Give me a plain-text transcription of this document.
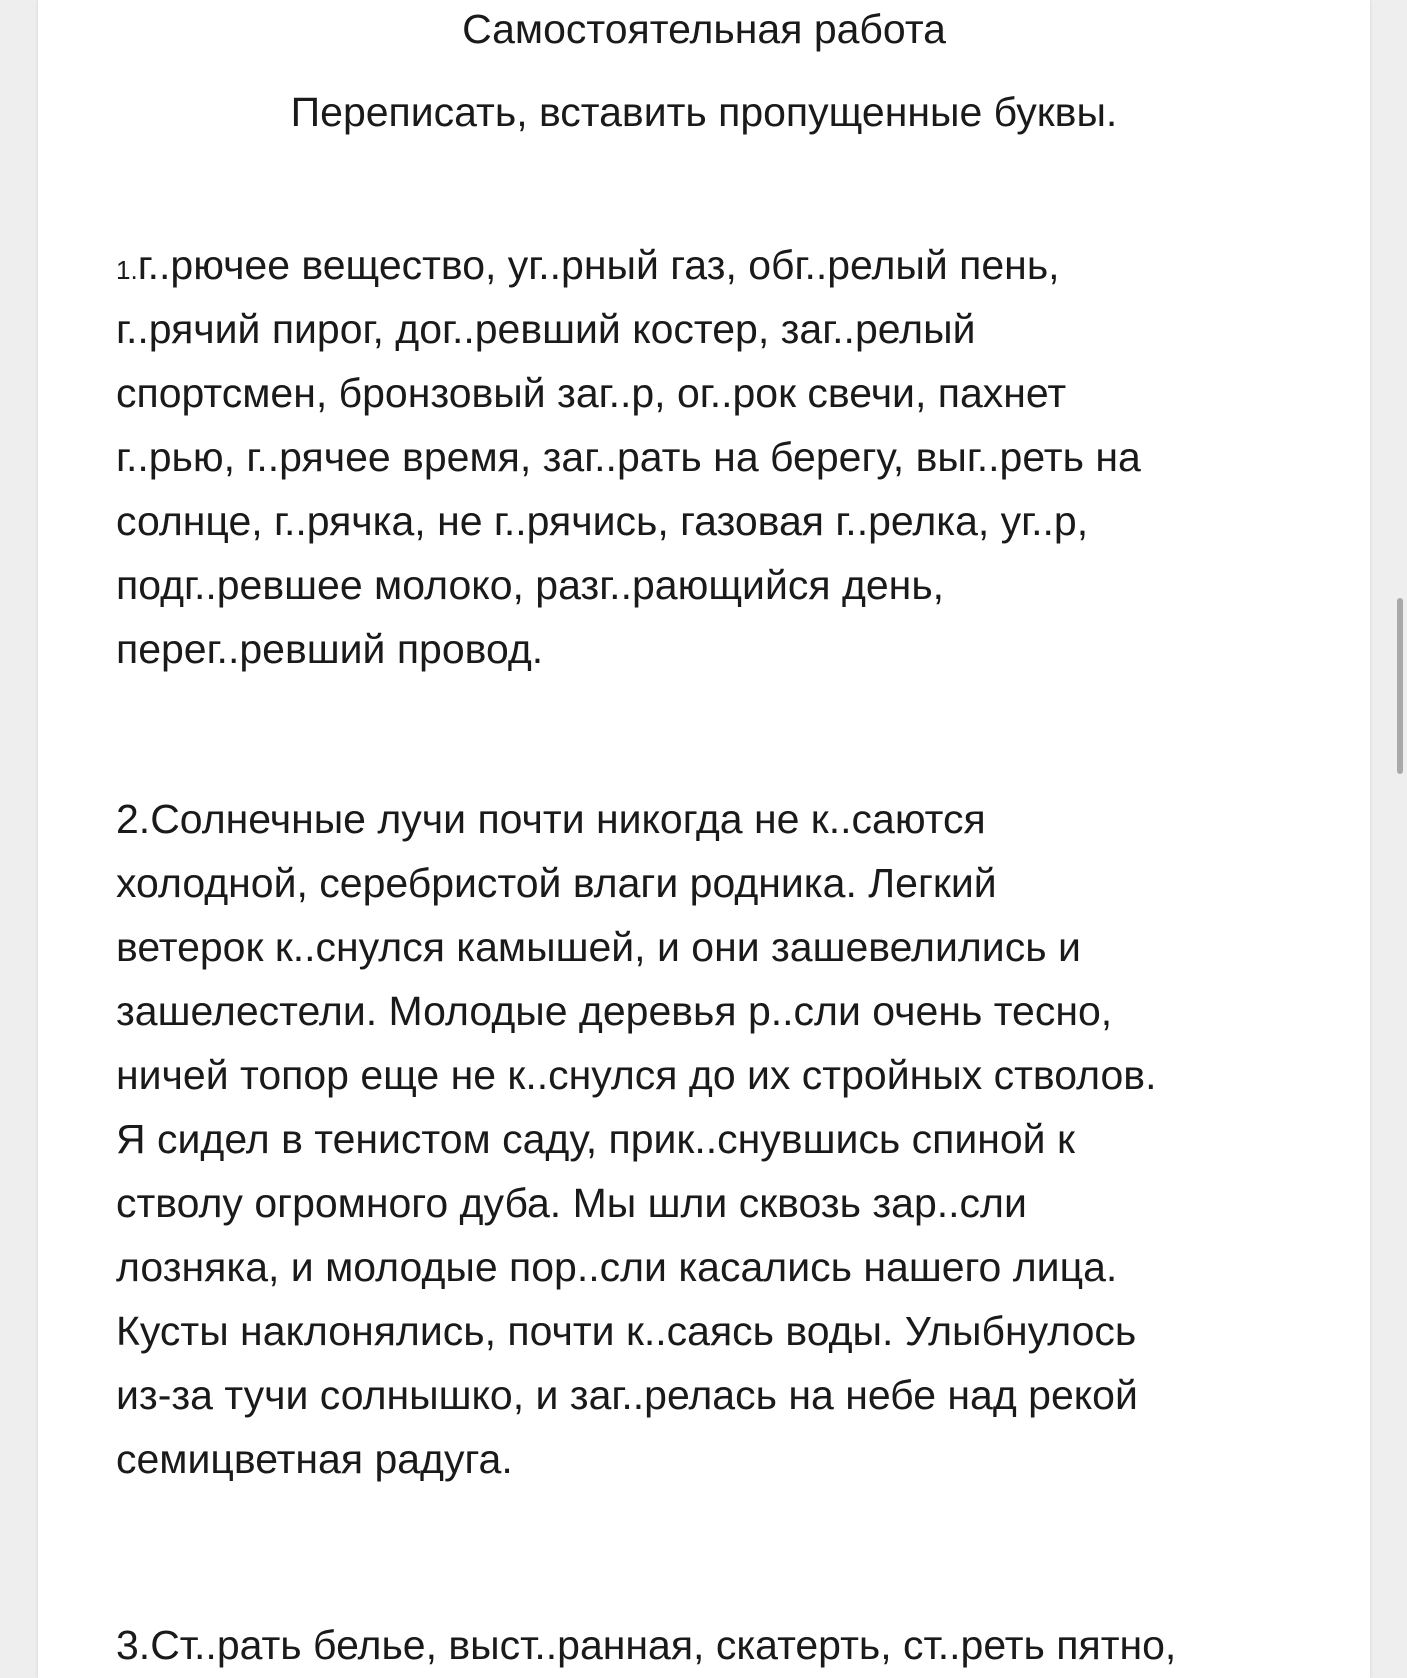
Самостоятельная работа
Переписать, вставить пропущенные буквы.
1.г..рючее вещество, уг..рный газ, обг..релый пень,
г..рячий пирог, дог..ревший костер, заг..релый
спортсмен, бронзовый заг..р, ог..рок свечи, пахнет
г..рью, г..рячее время, заг..рать на берегу, выг..реть на
солнце, г..рячка, не г..рячись, газовая г..релка, уг..р,
подг..ревшее молоко, разг..рающийся день,
перег..ревший провод.
2.Солнечные лучи почти никогда не к..саются
холодной, серебристой влаги родника. Легкий
ветерок к..снулся камышей, и они зашевелились и
зашелестели. Молодые деревья р..сли очень тесно,
ничей топор еще не к..снулся до их стройных стволов.
Я сидел в тенистом саду, прик..снувшись спиной к
стволу огромного дуба. Мы шли сквозь зар..сли
лозняка, и молодые пор..сли касались нашего лица.
Кусты наклонялись, почти к..саясь воды. Улыбнулось
из-за тучи солнышко, и заг..релась на небе над рекой
семицветная радуга.
3.Ст..рать белье, выст..ранная, скатерть, ст..реть пятно,
